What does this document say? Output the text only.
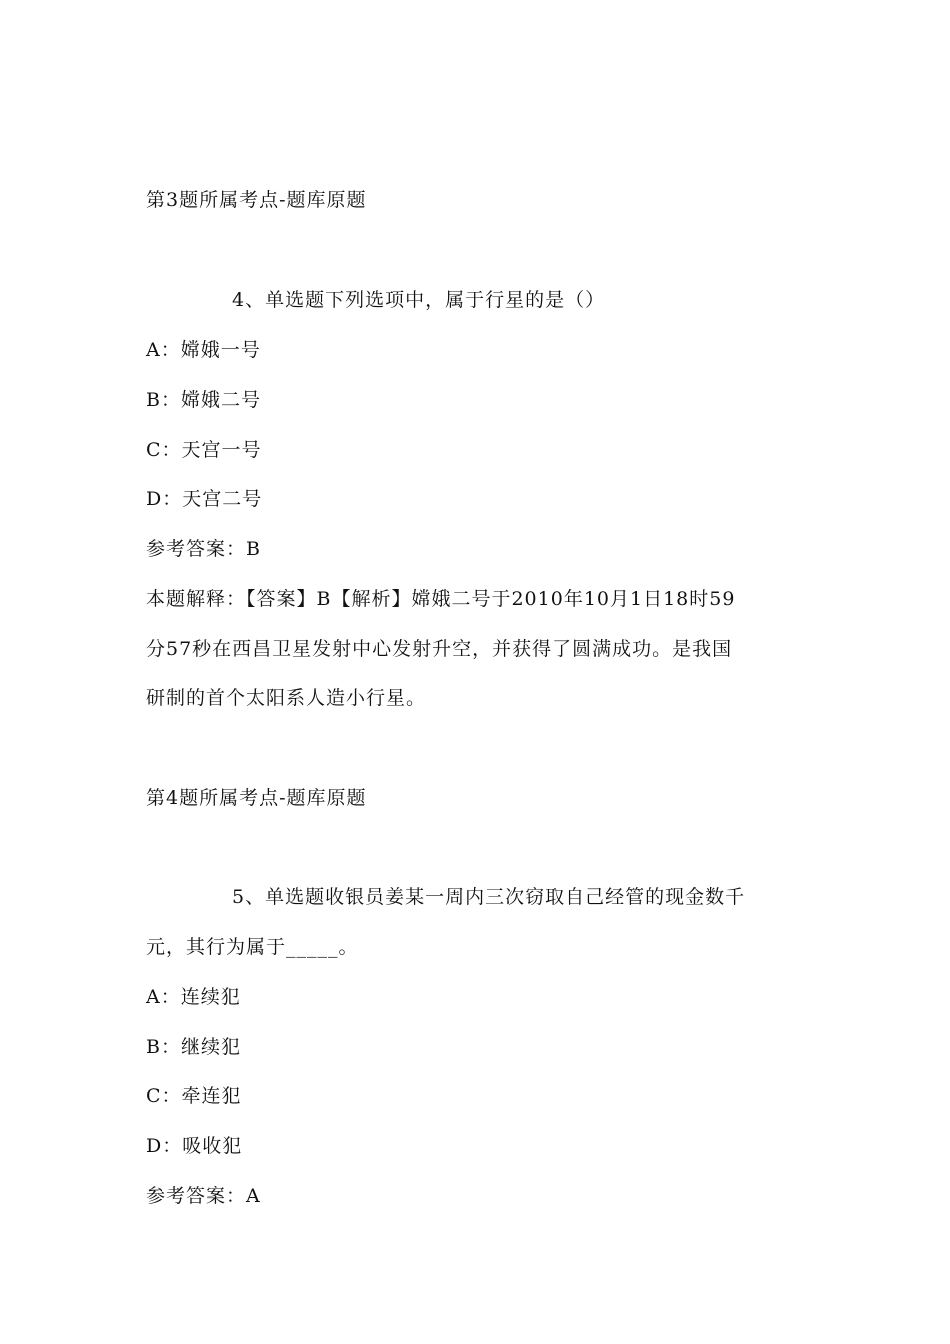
第3题所属考点-题库原题
4、单选题下列选项中，属于行星的是（）
A：嫦娥一号
B：嫦娥二号
C：天宫一号
D：天宫二号
参考答案：B
本题解释：【答案】B【解析】嫦娥二号于2010年10月1日18时59
分57秒在西昌卫星发射中心发射升空，并获得了圆满成功。是我国
研制的首个太阳系人造小行星。
第4题所属考点-题库原题
5、单选题收银员姜某一周内三次窃取自己经管的现金数千
元，其行为属于_____。
A：连续犯
B：继续犯
C：牵连犯
D：吸收犯
参考答案：A
